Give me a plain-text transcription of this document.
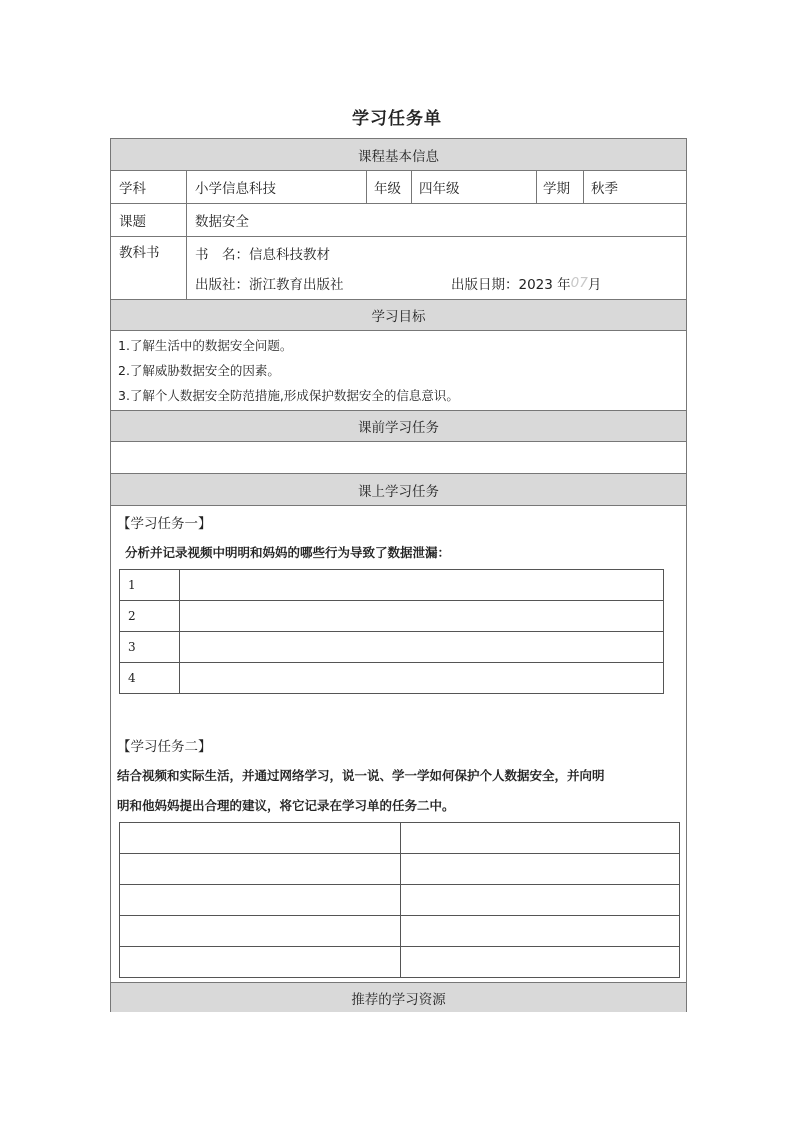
学习任务单
课程基本信息
学科	小学信息科技	年级 四年级	学期 秋季
课题	数据安全
教科书	书　名：信息科技教材
出版社：浙江教育出版社	出版日期：2023 年 07 月
学习目标
1.了解生活中的数据安全问题。
2.了解威胁数据安全的因素。
3.了解个人数据安全防范措施,形成保护数据安全的信息意识。
课前学习任务
课上学习任务
【学习任务一】
分析并记录视频中明明和妈妈的哪些行为导致了数据泄漏：
1	
2	
3	
4	
【学习任务二】
结合视频和实际生活，并通过网络学习，说一说、学一学如何保护个人数据安全，并向明
明和他妈妈提出合理的建议，将它记录在学习单的任务二中。

推荐的学习资源
